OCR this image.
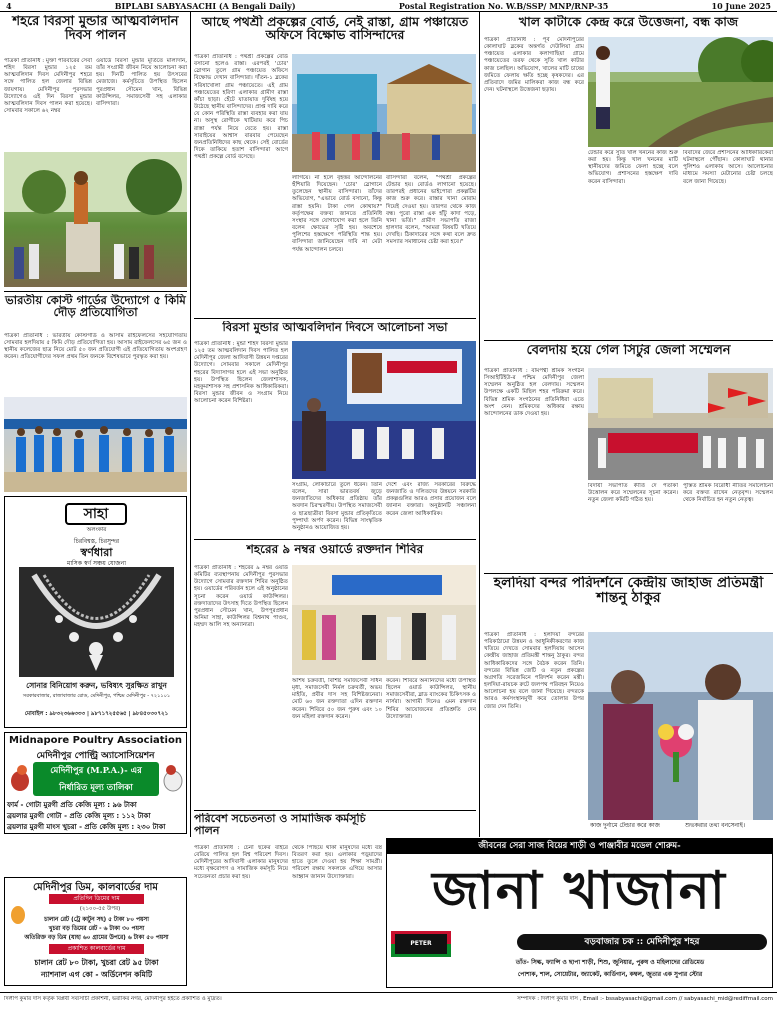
4	BIPLABI SABYASACHI (A Bengali Daily)	Postal Registration No. W.B/SSP/ MNP/RNP-35	10 June 2025
শহরে বিরসা মুন্ডার আত্মবলিদান দিবস পালন
পত্রিকা প্রতিনিধি : মুক্তা পরিবারের সেবা শহিদ বিরসা মুন্ডার ১২৫ তম আত্মবলিদান দিবস মেদিনীপুর শহরে সঙ্গে পালিত হল জেলার বিভিন্ন জায়গায়। মেদিনীপুর পুরসভার উদ্যোগেও এই দিন বিরসা মুন্ডার আত্মবলিদান দিবস পালন করা হয়েছে। সোমবার সকালে ৬২ নম্বর
ওয়ার্ডে বিরসা মুন্ডার মূর্তিতে মাল্যদান, তাঁর সংগ্রামী জীবন নিয়ে আলোচনা করা হয়। দিনটি পালিত হয় উৎসবের মেজাজে। কর্মসূচিতে উপস্থিত ছিলেন পুরপ্রধান সৌমেন খান, বিভিন্ন কাউন্সিলর, সমাজসেবী সহ এলাকার বাসিন্দারা।
ভারতীয় কোস্ট গার্ডের উদ্যোগে ৫ কিমি দৌড় প্রতিযোগিতা
পত্রিকা প্রতিনিধি : ভারতীয় কোস্টগার্ড ও আসাম রাইফেলসের সহযোগিতায় সোমবার হলদিয়ায় ৫ কিমি দৌড় প্রতিযোগিতা হয়। আসাম রাইফেলসের ৬৫ জন ও স্থানীয় কলেজের ছাত্র নিয়ে মোট ৫০ জন প্রতিযোগী এই প্রতিযোগিতায় অংশগ্রহণ করেন। প্রতিযোগীদের সফল প্রথম তিন জনকে বিশেষভাবে পুরস্কৃত করা হয়।
সাহা
অলংকার
চিরবিশ্বস্ত, চিরসুন্দর
স্বর্ণধারা
মাসিক স্বর্ণ সঞ্চয় যোজনা
সোনার বিনিয়োগ করুন, ভবিষ্যৎ সুরক্ষিত রাখুন
সরকারবাজার, রাজাবাজার রোড, মেদিনীপুর, পশ্চিম মেদিনীপুর - ৭২১১০১
মোবাইল : ৯৮৩২৩৬৬৩৩৩ | ৯৮৭১৭২৫৫৬৫ | ৯৮৪৫০৩০৭২১
Midnapore Poultry Association
মেদিনীপুর পোল্ট্রি অ্যাসোসিয়েশন
মেদিনীপুর (M.P.A.)- এর
নির্ধারিত মূল্য তালিকা
ফার্ম - গোটা মুরগী প্রতি কেজি মূল্য : ৯৬ টাকা
ব্রয়লার মুরগী গোটা - প্রতি কেজি মূল্য : ১১২ টাকা
ব্রয়লার মুরগী মাংস খুচরা - প্রতি কেজি মূল্য : ২৩০ টাকা
মেদিনীপুর ডিম, কালবার্ডের দাম
প্রতিদিন ডিমের দাম
(২১০০-৫৫ উপর)
চালান রেট (ট্রে কাটুন সহ) ৫ টাকা ৮০ পয়সা
খুচরা বড় ডিমের রেট - ৬ টাকা ৩০ পয়সা
অতিরিক্ত বড় ডিম (যাহা ৬০ গ্রামের উপরে) ৬ টাকা ৫০ পয়সা
প্রকাশিত কালবার্ডের দাম
চালান রেট ৮০ টাকা, খুচরা রেট ৯৫ টাকা
ন্যাশনাল এগ কো - অর্ডিনেশন কমিটি
আছে পথশ্রী প্রকল্পের বোর্ড, নেই রাস্তা, গ্রাম পঞ্চায়েত অফিসে বিক্ষোভ বাসিন্দাদের
পত্রিকা প্রতিনিধি : পথশ্রী প্রকল্পের বোর্ড বসানো হলেও রাস্তা। এরপরই 'চোর' স্লোগান তুলে গ্রাম পঞ্চায়েত অফিসে বিক্ষোভ দেখান বাসিন্দারা। দাঁতন-১ ব্লকের সরিষাখোলা গ্রাম পঞ্চায়েতে। এই গ্রাম পঞ্চায়েতের হরিণা এলাকার গ্রামীণ রাস্তা কাঁচা ছাড়া। হেঁটে যাতায়াত দুর্বিষহ হয়ে উঠেছে স্থানীয় বাসিন্দাদের। প্রাপ্ত দাবি করে যে কোন পরিস্থিতি রাস্তা ব্যবহার করা যায় না। অসুস্থ রোগীকে খাটিয়ায় করে পিচ রাস্তা পর্যন্ত নিয়ে যেতে হয়। রাস্তা সারাইয়ের আশ্বাস বারবার পেয়েছেন জনপ্রতিনিধিদের কাছ থেকে। সেই বোর্ডের দিকে তাকিয়ে হতাশ বাসিন্দারা আগে পথশ্রী প্রকল্পে বোর্ড বসেছে।
লাগিয়ে। না হলে বৃহত্তর আন্দোলনের হুঁশিয়ারি দিয়েছেন। 'চোর' স্লোগানে তুলেছেন স্থানীয় বাসিন্দারা। তাঁদের অভিযোগ, "এভাবে বোর্ড বসানো, কিন্তু রাস্তা হয়নি। টাকা গেল কোথায়?" কর্তৃপক্ষের বক্তব্য জানতে প্রতিনিধি সংস্থার সঙ্গে যোগাযোগ করা হলে তিনি বলেন ক্ষোভের সৃষ্টি হয়। অবশেষে পুলিশের হস্তক্ষেপে পরিস্থিতি শান্ত হয়। বাসিন্দারা জানিয়েছেন দাবি না মেটা পর্যন্ত আন্দোলন চলবে।
বাসিন্দারা বলেন, "পথশ্রী প্রকল্পের টেন্ডার হয়। বোর্ডও লাগানো হয়েছে। তারপরই প্রধানের ভাইপোরা প্রকল্পটির কাজ শুরু করে। রাস্তার খানা মোরাম দিয়েই দেওয়া হয়। তারপর থেকে কাজ বন্ধ। পুরো রাস্তা এক হাঁটু কাদা পড়ে, খানা ভর্তি।" গ্রামীণ সভাপতি রাজা হালদার বলেন, "আমরা বিষয়টি খতিয়ে দেখছি। ঠিকাদারের সঙ্গে কথা বলে দ্রুত সমস্যার সমাধানের চেষ্টা করা হবে।"
বিরসা মুন্ডার আত্মবলিদান দিবসে আলোচনা সভা
পত্রিকা প্রতিনিধি : মুন্ডা শহিদ বিরসা মুন্ডার ১২৫ তম আত্মবলিদান দিবস পালিত হল মেদিনীপুর জেলা আদিবাসী উন্নয়ন দপ্তরের উদ্যোগে। সোমবার সকালে মেদিনীপুর শহরের বিদ্যাসাগর হলে এই সভা অনুষ্ঠিত হয়। উপস্থিত ছিলেন জেলাশাসক, মহকুমাশাসক সহ প্রশাসনিক আধিকারিকরা। বিরসা মুন্ডার জীবন ও সংগ্রাম নিয়ে আলোচনা করেন বিশিষ্টরা।
সংগ্রাম, লোকাচারে তুলে ধরেন। তিনি বলেন, সারা ভারতবর্ষ জুড়ে জনজাতিদের অধিকার প্রতিষ্ঠায় তাঁর অবদান চিরস্মরণীয়। উপস্থিত সমাজসেবী ও ছাত্রছাত্রীরা বিরসা মুন্ডার প্রতিকৃতিতে পুষ্পার্ঘ্য অর্পণ করেন। বিভিন্ন সাংস্কৃতিক অনুষ্ঠানও আয়োজিত হয়।
দেশে এবং রাজ্য সরকারের বিরুদ্ধে জনজাতি ও দলিতদের উন্নয়নে সরকারি প্রকল্পগুলির আরও প্রসার প্রয়োজন বলে জানান বক্তারা। অনুষ্ঠানটি সঞ্চালনা করেন জেলা আধিকারিক।
শহরের ৯ নম্বর ওয়ার্ডে রক্তদান শিবির
পত্রিকা প্রতিনিধি : শহরের ৯ নম্বর ওয়ার্ড কমিটির ব্যবস্থাপনায় মেদিনীপুর পুরসভার উদ্যোগে সোমবার রক্তদান শিবির অনুষ্ঠিত হয়। ওয়ার্ডের পরিবর্তন হলে এই অনুষ্ঠানের সূচনা করেন ওয়ার্ড কাউন্সিলর। রক্তদাতাদের উৎসাহ দিতে উপস্থিত ছিলেন পুরপ্রধান সৌমেন খান, উপপুরপ্রধান অনিমা সাহা, কাউন্সিলর বিশ্বনাথ পাণ্ডব, মহম্মদ আলি সহ অন্যান্যরা।
অশিষ চক্রবর্তী, বিশিষ্ট সমাজসেবী সাধন মৃধা, সমাজসেবী নির্মল চক্রবর্তী, অভয় মাইতি, প্রবীর দাস সহ বিশিষ্টজনেরা। মোট ৬০ জন রক্তদাতা এদিন রক্তদান করেন। শিবিরে ৫০ জন পুরুষ এবং ১০ জন মহিলা রক্তদান করেন।
করেন। শিবিরে অন্যান্যদের মধ্যে উপস্থিত ছিলেন ওয়ার্ড কাউন্সিলর, স্থানীয় সমাজসেবীরা, ব্লাড ব্যাংকের চিকিৎসক ও নার্সরা। আগামী দিনেও এমন রক্তদান শিবির আয়োজনের প্রতিশ্রুতি দেন উদ্যোক্তারা।
পরিবেশ সচেতনতা ও সামাজিক কর্মসূচি পালন
খাল কাটাকে কেন্দ্র করে উত্তেজনা, বন্ধ কাজ
পত্রিকা প্রতিনিধি : পূর্ব মেদিনীপুরের কোলাঘাট ব্লকের অন্তর্গত দেউলিয়া গ্রাম পঞ্চায়েত এলাকার কলাগাছিয়া গ্রামে পঞ্চায়েতের তরফ থেকে সুতি খাল কাটার কাজ চলছিল। অভিযোগ, খালের মাটি চাষের জমিতে ফেলায় ক্ষতি হচ্ছে কৃষকদের। এর প্রতিবাদে জমির মালিকরা কাজ বন্ধ করে দেন। ঘটনাস্থলে উত্তেজনা ছড়ায়।
টেন্ডার করে সুতি খাল খননের কাজ শুরু করা হয়। কিন্তু খাল খননের মাটি স্থানীয়দের জমিতে ফেলা হচ্ছে বলে অভিযোগ। প্রশাসনের হস্তক্ষেপ দাবি করেন বাসিন্দারা।
বিবাদের জেরে প্রশাসনের আধিকারিকেরা ঘটনাস্থলে পৌঁছান। কোলাঘাট থানার পুলিশও এলাকায় আসে। আলোচনার মাধ্যমে সমস্যা মেটানোর চেষ্টা চলছে বলে জানা গিয়েছে।
বেলদায় হয়ে গেল সিটুর জেলা সম্মেলন
পত্রিকা প্রতিনিধি : বামপন্থী শ্রমিক সংগঠন সিআইটিইউ-র পশ্চিম মেদিনীপুর জেলা সম্মেলন অনুষ্ঠিত হল বেলদায়। সম্মেলন উপলক্ষে একটি মিছিল শহর পরিক্রমা করে। বিভিন্ন শ্রমিক সংগঠনের প্রতিনিধিরা এতে অংশ নেন। শ্রমিকদের অধিকার রক্ষায় আন্দোলনের ডাক দেওয়া হয়।
বিদায়ী সভাপতি কীর্তি দে পতাকা উত্তোলন করে সম্মেলনের সূচনা করেন। নতুন জেলা কমিটি গঠিত হয়।
পুস্তিত শ্রমিক বিরোধী নীতির সমালোচনা করে বক্তব্য রাখেন নেতৃবৃন্দ। সম্মেলন থেকে নির্বাচিত হন নতুন নেতৃত্ব।
হলদিয়া বন্দর পরিদর্শনে কেন্দ্রীয় জাহাজ প্রতিমন্ত্রী শান্তনু ঠাকুর
পত্রিকা প্রতিনিধি : হলদিয়া বন্দরের পরিকাঠামো উন্নয়ন ও আধুনিকীকরণের কাজ খতিয়ে দেখতে সোমবার হলদিয়ায় আসেন কেন্দ্রীয় জাহাজ প্রতিমন্ত্রী শান্তনু ঠাকুর। বন্দর আধিকারিকদের সঙ্গে বৈঠক করেন তিনি। বন্দরের বিভিন্ন জেটি ও নতুন প্রকল্পের অগ্রগতি সরেজমিনে পরিদর্শন করেন মন্ত্রী। হলদিয়া-রায়চক রুটে জলপথ পরিবহন নিয়েও আলোচনা হয় বলে জানা গিয়েছে। বন্দরকে আরও কর্মসংস্থানমুখী করে তোলার উপর জোর দেন তিনি।
কাজ দুর্নামে টেন্ডার করে কাজ	শুভকরার তথ্য বনসেনাই।
পত্রিকা প্রতিনিধি : চেনা ছকের বাইরে বেরিয়ে পালিত হল বিশ্ব পরিবেশ দিবস। মেদিনীপুরের আদিবাসী এলাকার মানুষদের মধ্যে বৃক্ষরোপণ ও সামাজিক কর্মসূচি নিয়ে সচেতনতা প্রচার করা হয়।
থেকে পিছিয়ে থাকা মানুষদের মধ্যে বস্ত্র বিতরণ করা হয়। এলাকার পড়ুয়াদের হাতে তুলে দেওয়া হয় শিক্ষা সামগ্রী। পরিবেশ রক্ষায় সকলকে এগিয়ে আসার আহ্বান জানান উদ্যোক্তারা।
জীবনের সেরা সাজ বিয়ের শাড়ী ও পাঞ্জাবীর মডেল শোরুম-
জানা খাজানা
PETER ENGLAND
বড়বাজার চক :: মেদিনীপুর শহর
তাঁত- সিল্ক, ফ্যান্সি ও ছাপা শাড়ী, শিশু, জুনিয়ার, পুরুষ ও মহিলাদের রেডিমেড
পোশাক, শাল, সোয়েটার, জ্যাকেট, কার্ডিগান, কম্বল, জুতার এক সুপার স্টোর
দিলীপ কুমার দাস কর্তৃক বিপ্লবী সব্যসাচী প্রকাশনী, ভরাকির নগর, মেদিনীপুর হইতে প্রকাশিত ও মুদ্রিত।	সম্পাদক : দিলীপ কুমার দাস , Email :- bssabyasachi@gmail.com // sabyasachi_mid@rediffmail.com
